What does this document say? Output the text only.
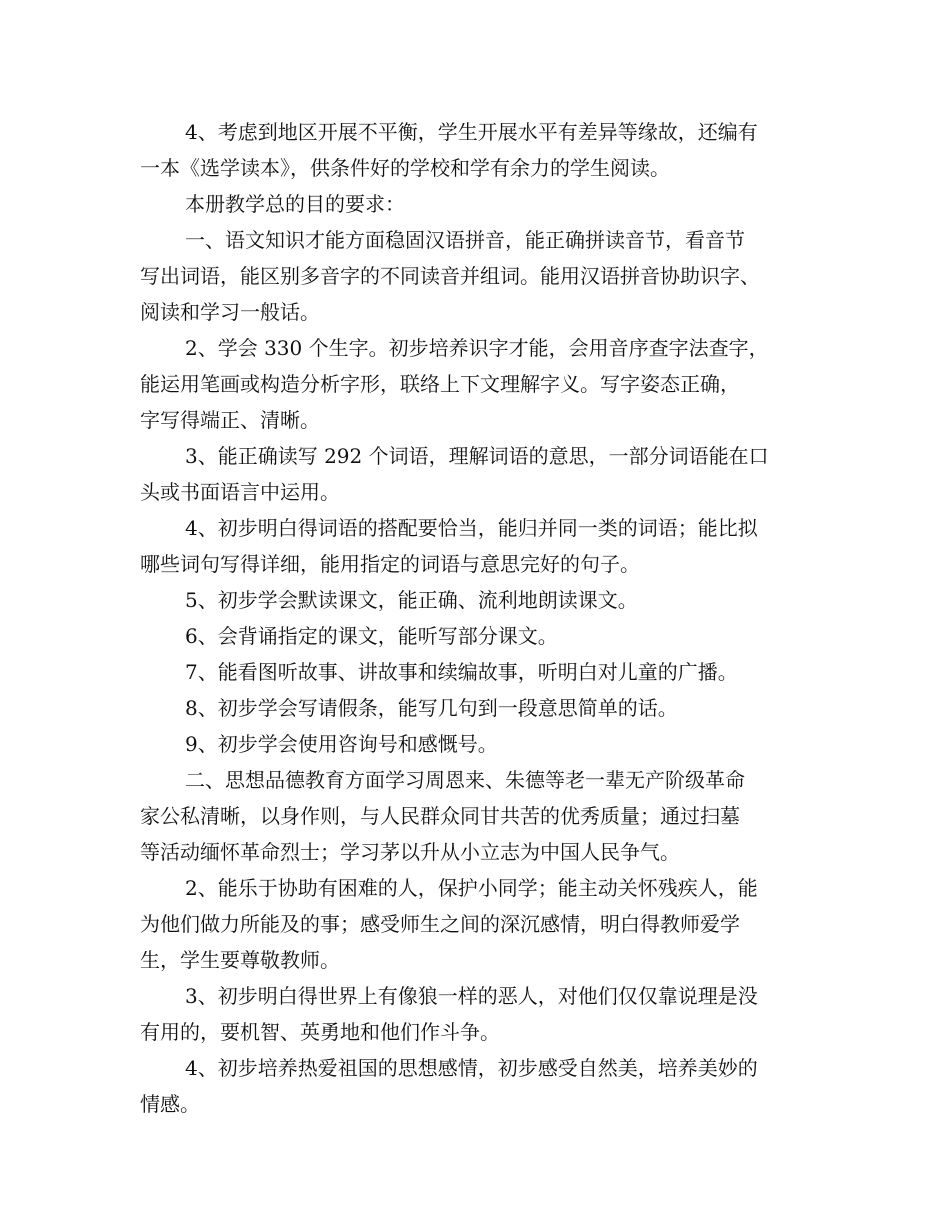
4、考虑到地区开展不平衡，学生开展水平有差异等缘故，还编有

一本《选学读本》，供条件好的学校和学有余力的学生阅读。

本册教学总的目的要求：

一、语文知识才能方面稳固汉语拼音，能正确拼读音节，看音节

写出词语，能区别多音字的不同读音并组词。能用汉语拼音协助识字、

阅读和学习一般话。

2、学会 330 个生字。初步培养识字才能，会用音序查字法查字，

能运用笔画或构造分析字形，联络上下文理解字义。写字姿态正确，

字写得端正、清晰。

3、能正确读写 292 个词语，理解词语的意思，一部分词语能在口

头或书面语言中运用。

4、初步明白得词语的搭配要恰当，能归并同一类的词语；能比拟

哪些词句写得详细，能用指定的词语与意思完好的句子。

5、初步学会默读课文，能正确、流利地朗读课文。

6、会背诵指定的课文，能听写部分课文。

7、能看图听故事、讲故事和续编故事，听明白对儿童的广播。

8、初步学会写请假条，能写几句到一段意思简单的话。

9、初步学会使用咨询号和感慨号。

二、思想品德教育方面学习周恩来、朱德等老一辈无产阶级革命

家公私清晰，以身作则，与人民群众同甘共苦的优秀质量；通过扫墓

等活动缅怀革命烈士；学习茅以升从小立志为中国人民争气。

2、能乐于协助有困难的人，保护小同学；能主动关怀残疾人，能

为他们做力所能及的事；感受师生之间的深沉感情，明白得教师爱学

生，学生要尊敬教师。

3、初步明白得世界上有像狼一样的恶人，对他们仅仅靠说理是没

有用的，要机智、英勇地和他们作斗争。

4、初步培养热爱祖国的思想感情，初步感受自然美，培养美妙的

情感。
